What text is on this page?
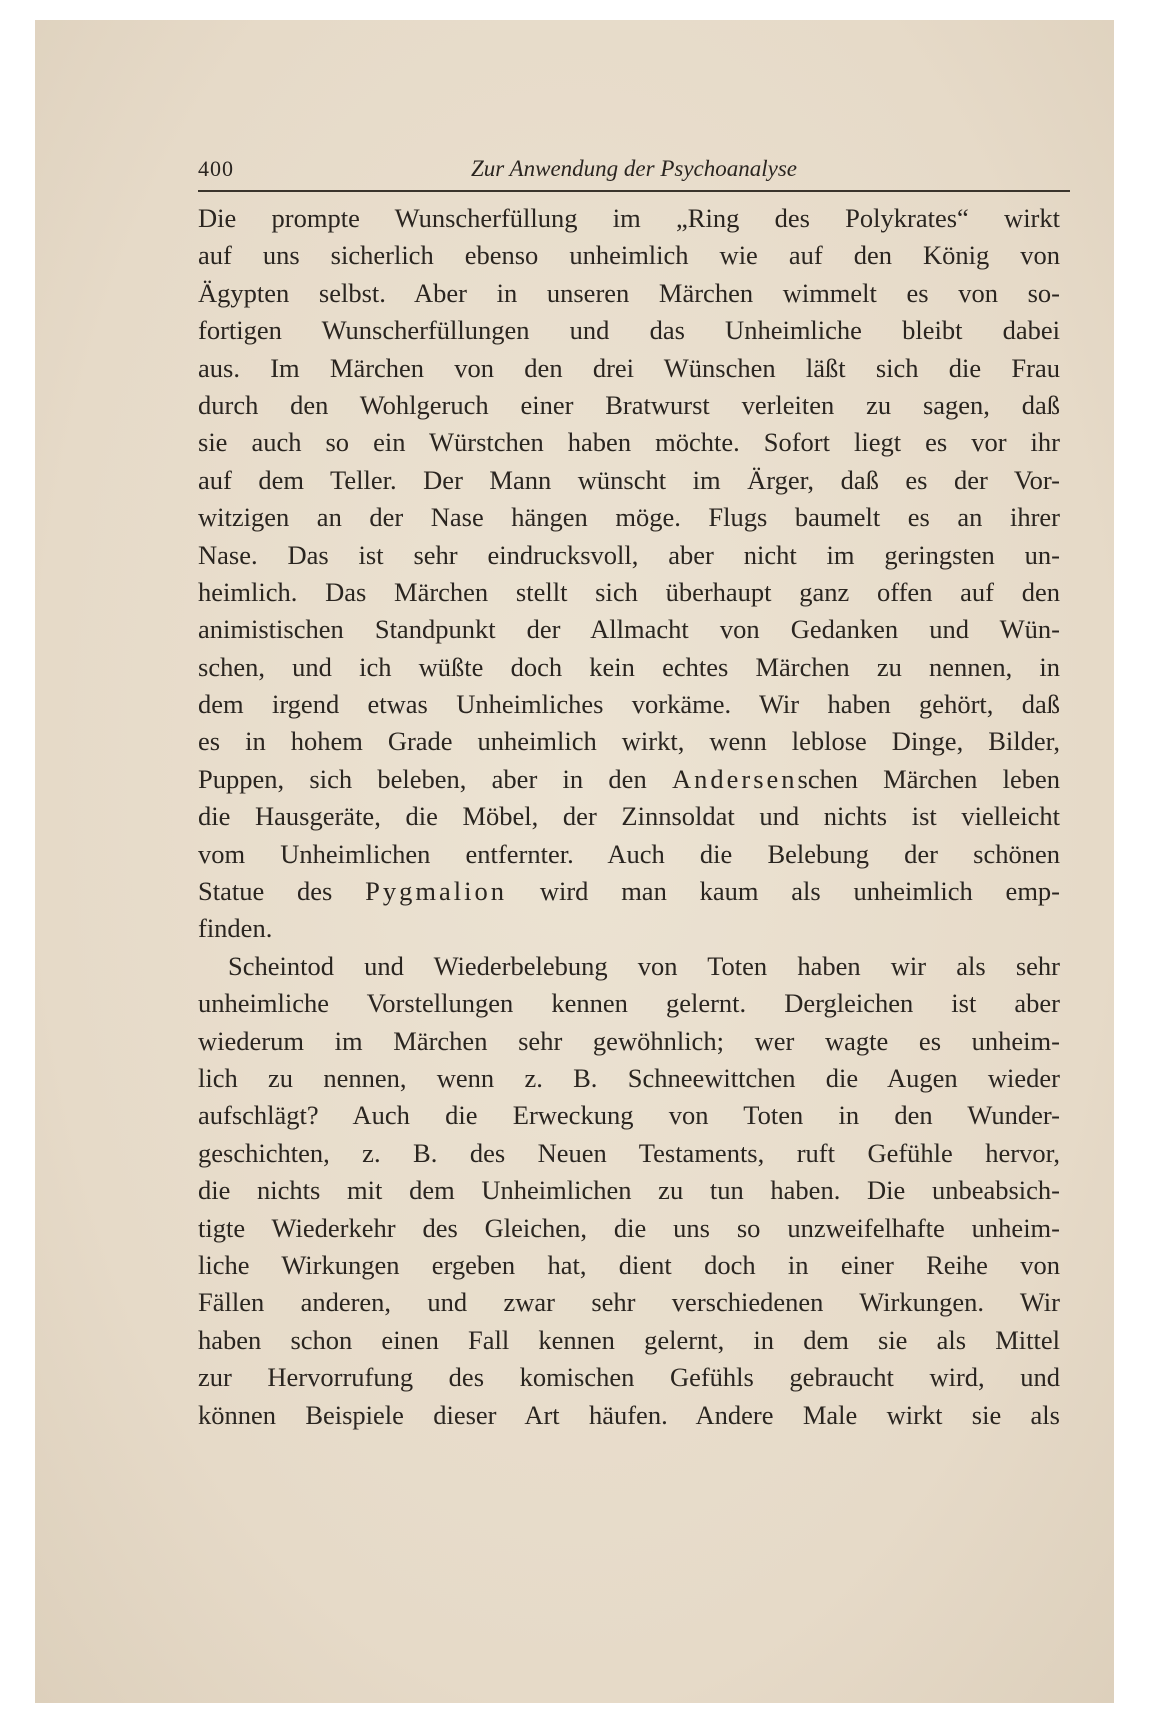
400	Zur Anwendung der Psychoanalyse
Die prompte Wunscherfüllung im „Ring des Polykrates“ wirkt
auf uns sicherlich ebenso unheimlich wie auf den König von
Ägypten selbst. Aber in unseren Märchen wimmelt es von so-
fortigen Wunscherfüllungen und das Unheimliche bleibt dabei
aus. Im Märchen von den drei Wünschen läßt sich die Frau
durch den Wohlgeruch einer Bratwurst verleiten zu sagen, daß
sie auch so ein Würstchen haben möchte. Sofort liegt es vor ihr
auf dem Teller. Der Mann wünscht im Ärger, daß es der Vor-
witzigen an der Nase hängen möge. Flugs baumelt es an ihrer
Nase. Das ist sehr eindrucksvoll, aber nicht im geringsten un-
heimlich. Das Märchen stellt sich überhaupt ganz offen auf den
animistischen Standpunkt der Allmacht von Gedanken und Wün-
schen, und ich wüßte doch kein echtes Märchen zu nennen, in
dem irgend etwas Unheimliches vorkäme. Wir haben gehört, daß
es in hohem Grade unheimlich wirkt, wenn leblose Dinge, Bilder,
Puppen, sich beleben, aber in den Andersenschen Märchen leben
die Hausgeräte, die Möbel, der Zinnsoldat und nichts ist vielleicht
vom Unheimlichen entfernter. Auch die Belebung der schönen
Statue des Pygmalion wird man kaum als unheimlich emp-
finden.
Scheintod und Wiederbelebung von Toten haben wir als sehr
unheimliche Vorstellungen kennen gelernt. Dergleichen ist aber
wiederum im Märchen sehr gewöhnlich; wer wagte es unheim-
lich zu nennen, wenn z. B. Schneewittchen die Augen wieder
aufschlägt? Auch die Erweckung von Toten in den Wunder-
geschichten, z. B. des Neuen Testaments, ruft Gefühle hervor,
die nichts mit dem Unheimlichen zu tun haben. Die unbeabsich-
tigte Wiederkehr des Gleichen, die uns so unzweifelhafte unheim-
liche Wirkungen ergeben hat, dient doch in einer Reihe von
Fällen anderen, und zwar sehr verschiedenen Wirkungen. Wir
haben schon einen Fall kennen gelernt, in dem sie als Mittel
zur Hervorrufung des komischen Gefühls gebraucht wird, und
können Beispiele dieser Art häufen. Andere Male wirkt sie als
